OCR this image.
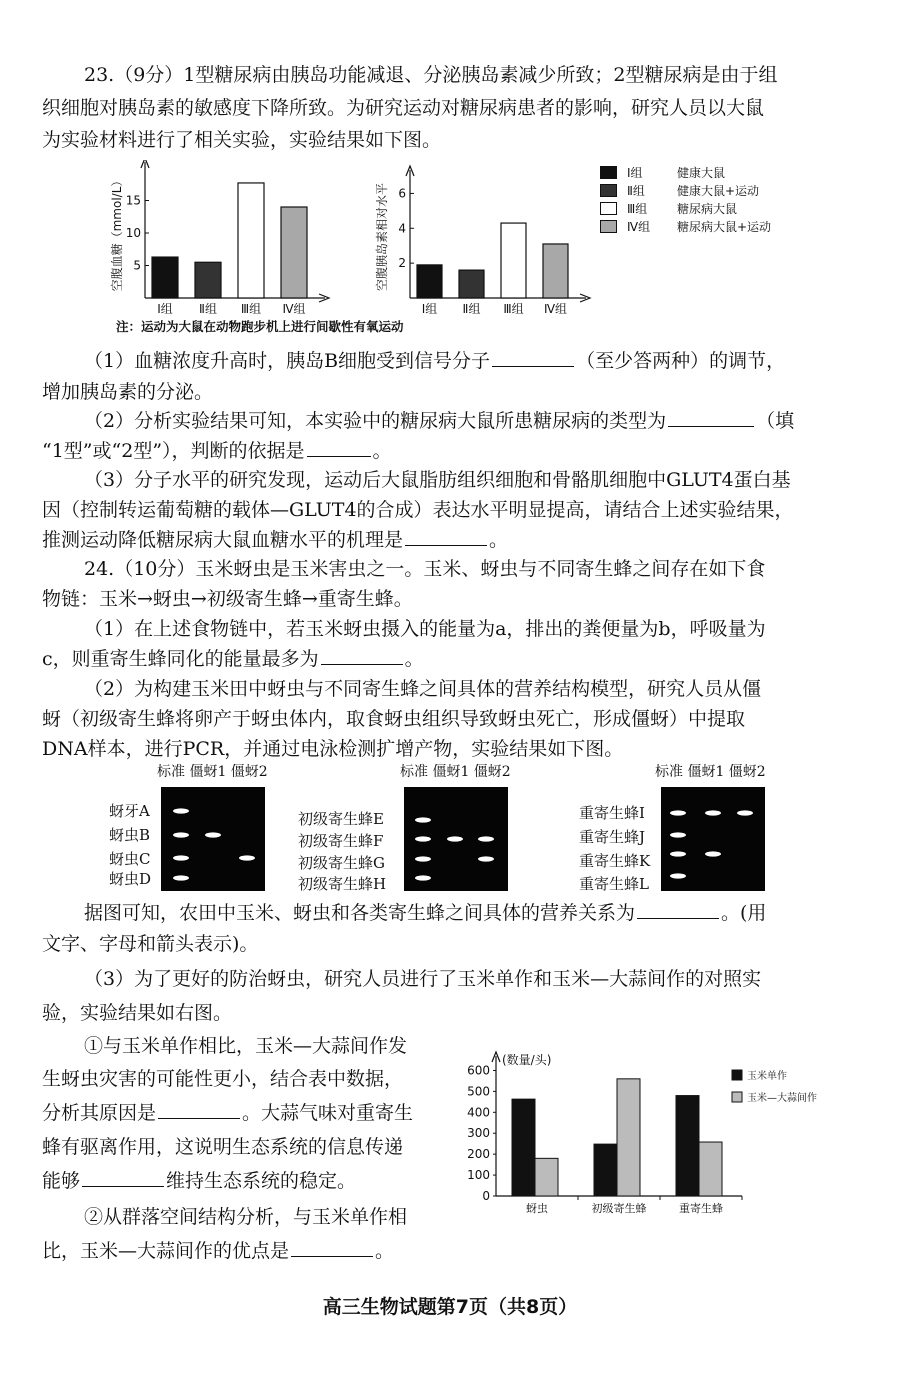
23.（9分）1型糖尿病由胰岛功能减退、分泌胰岛素减少所致；2型糖尿病是由于组
织细胞对胰岛素的敏感度下降所致。为研究运动对糖尿病患者的影响，研究人员以大鼠
为实验材料进行了相关实验，实验结果如下图。
5
10
15
空腹血糖（mmol/L）
Ⅰ组 Ⅱ组 Ⅲ组 Ⅳ组
2
4
6
空腹胰岛素相对水平
Ⅰ组 Ⅱ组 Ⅲ组 Ⅳ组
Ⅰ组	健康大鼠
Ⅱ组	健康大鼠+运动
Ⅲ组	糖尿病大鼠
Ⅳ组	糖尿病大鼠+运动
注：运动为大鼠在动物跑步机上进行间歇性有氧运动
（1）血糖浓度升高时，胰岛B细胞受到信号分子	（至少答两种）的调节，
增加胰岛素的分泌。
（2）分析实验结果可知，本实验中的糖尿病大鼠所患糖尿病的类型为	（填
“1型”或“2型”），判断的依据是	。
（3）分子水平的研究发现，运动后大鼠脂肪组织细胞和骨骼肌细胞中GLUT4蛋白基
因（控制转运葡萄糖的载体—GLUT4的合成）表达水平明显提高，请结合上述实验结果，
推测运动降低糖尿病大鼠血糖水平的机理是	。
24.（10分）玉米蚜虫是玉米害虫之一。玉米、蚜虫与不同寄生蜂之间存在如下食
物链：玉米→蚜虫→初级寄生蜂→重寄生蜂。
（1）在上述食物链中，若玉米蚜虫摄入的能量为a，排出的粪便量为b，呼吸量为
c，则重寄生蜂同化的能量最多为	。
（2）为构建玉米田中蚜虫与不同寄生蜂之间具体的营养结构模型，研究人员从僵
蚜（初级寄生蜂将卵产于蚜虫体内，取食蚜虫组织导致蚜虫死亡，形成僵蚜）中提取
DNA样本，进行PCR，并通过电泳检测扩增产物，实验结果如下图。
标准 僵蚜1 僵蚜2
蚜牙A
蚜虫B
蚜虫C
蚜虫D
标准 僵蚜1 僵蚜2
初级寄生蜂E
初级寄生蜂F
初级寄生蜂G
初级寄生蜂H
标准 僵蚜1 僵蚜2
重寄生蜂I
重寄生蜂J
重寄生蜂K
重寄生蜂L
据图可知，农田中玉米、蚜虫和各类寄生蜂之间具体的营养关系为	。(用
文字、字母和箭头表示)。
（3）为了更好的防治蚜虫，研究人员进行了玉米单作和玉米—大蒜间作的对照实
验，实验结果如右图。
①与玉米单作相比，玉米—大蒜间作发
生蚜虫灾害的可能性更小，结合表中数据，
分析其原因是	。大蒜气味对重寄生
蜂有驱离作用，这说明生态系统的信息传递
能够	维持生态系统的稳定。
②从群落空间结构分析，与玉米单作相
比，玉米—大蒜间作的优点是	。
(数量/头)
0
100
200
300
400
500
600
蚜虫	初级寄生蜂	重寄生蜂
玉米单作
玉米—大蒜间作
高三生物试题第7页（共8页）
